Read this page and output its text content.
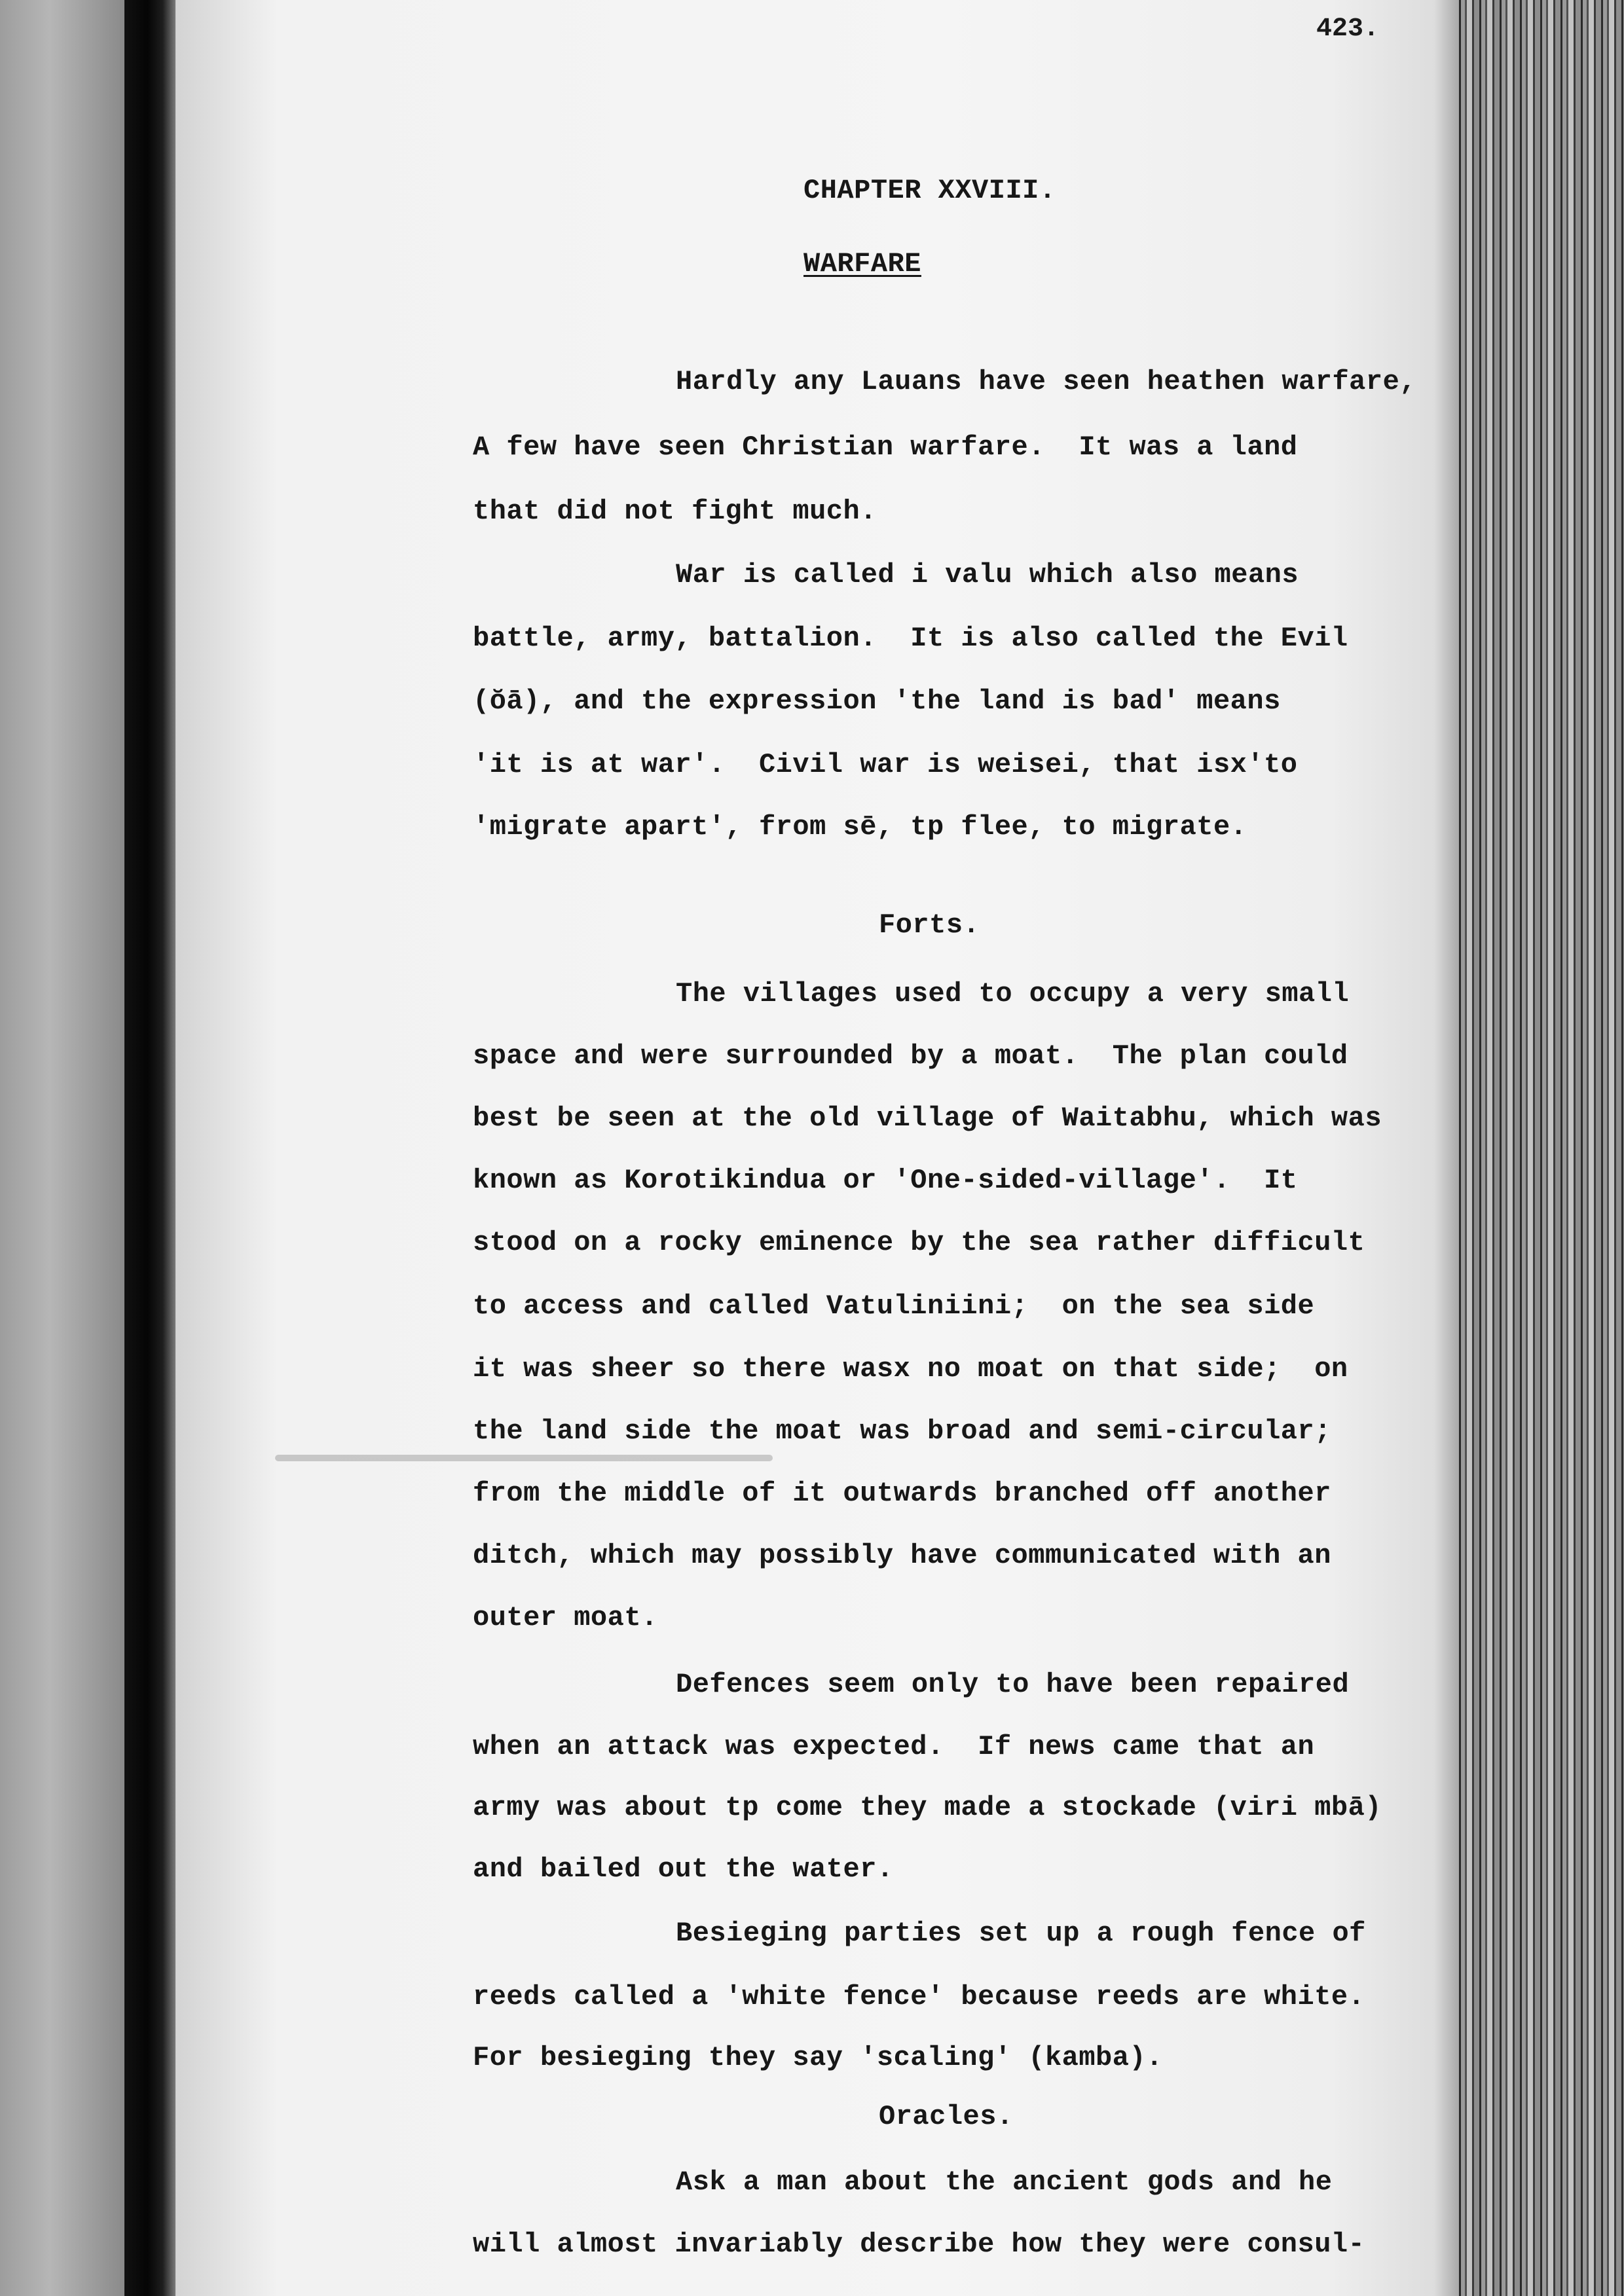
423.
CHAPTER XXVIII.
WARFARE
Hardly any Lauans have seen heathen warfare,
A few have seen Christian warfare.  It was a land
that did not fight much.
War is called i valu which also means
battle, army, battalion.  It is also called the Evil
(ŏā), and the expression 'the land is bad' means
'it is at war'.  Civil war is weisei, that isx'to
'migrate apart', from sē, tp flee, to migrate.
Forts.
The villages used to occupy a very small
space and were surrounded by a moat.  The plan could
best be seen at the old village of Waitabhu, which was
known as Korotikindua or 'One-sided-village'.  It
stood on a rocky eminence by the sea rather difficult
to access and called Vatuliniini;  on the sea side
it was sheer so there wasx no moat on that side;  on
the land side the moat was broad and semi-circular;
from the middle of it outwards branched off another
ditch, which may possibly have communicated with an
outer moat.
Defences seem only to have been repaired
when an attack was expected.  If news came that an
army was about tp come they made a stockade (viri mbā)
and bailed out the water.
Besieging parties set up a rough fence of
reeds called a 'white fence' because reeds are white.
For besieging they say 'scaling' (kamba).
Oracles.
Ask a man about the ancient gods and he
will almost invariably describe how they were consul-
